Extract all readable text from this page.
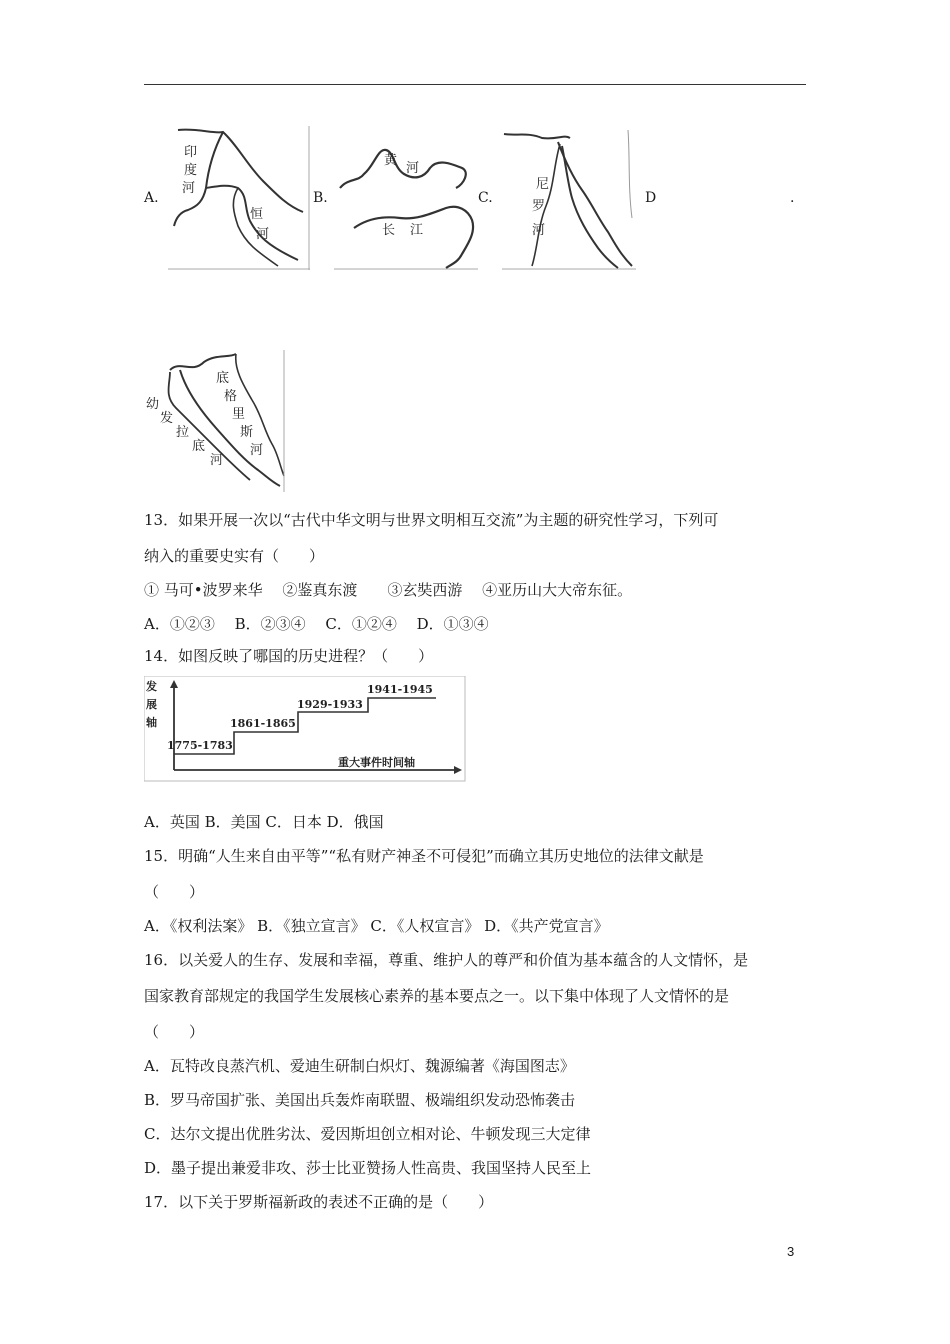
A.	B.	C.	D	.
印
度
河
恒
河
黄
河
长 江
尼
罗
河
底
格
里
斯
河
幼
发
拉
底
河
13．如果开展一次以“古代中华文明与世界文明相互交流”为主题的研究性学习，下列可
纳入的重要史实有（　　）
① 马可•波罗来华　 ②鉴真东渡　　③玄奘西游　 ④亚历山大大帝东征。
A．①②③　 B．②③④　 C．①②④　 D．①③④
14．如图反映了哪国的历史进程？（　　）
发
展
轴
1775-1783
1861-1865
1929-1933
1941-1945
重大事件时间轴
A．英国 B．美国 C．日本 D．俄国
15．明确“人生来自由平等”“私有财产神圣不可侵犯”而确立其历史地位的法律文献是
（　　）
A．《权利法案》 B．《独立宣言》 C．《人权宣言》 D．《共产党宣言》
16．以关爱人的生存、发展和幸福，尊重、维护人的尊严和价值为基本蕴含的人文情怀，是
国家教育部规定的我国学生发展核心素养的基本要点之一。以下集中体现了人文情怀的是
（　　）
A．瓦特改良蒸汽机、爱迪生研制白炽灯、魏源编著《海国图志》
B．罗马帝国扩张、美国出兵轰炸南联盟、极端组织发动恐怖袭击
C．达尔文提出优胜劣汰、爱因斯坦创立相对论、牛顿发现三大定律
D．墨子提出兼爱非攻、莎士比亚赞扬人性高贵、我国坚持人民至上
17．以下关于罗斯福新政的表述不正确的是（　　）
3
